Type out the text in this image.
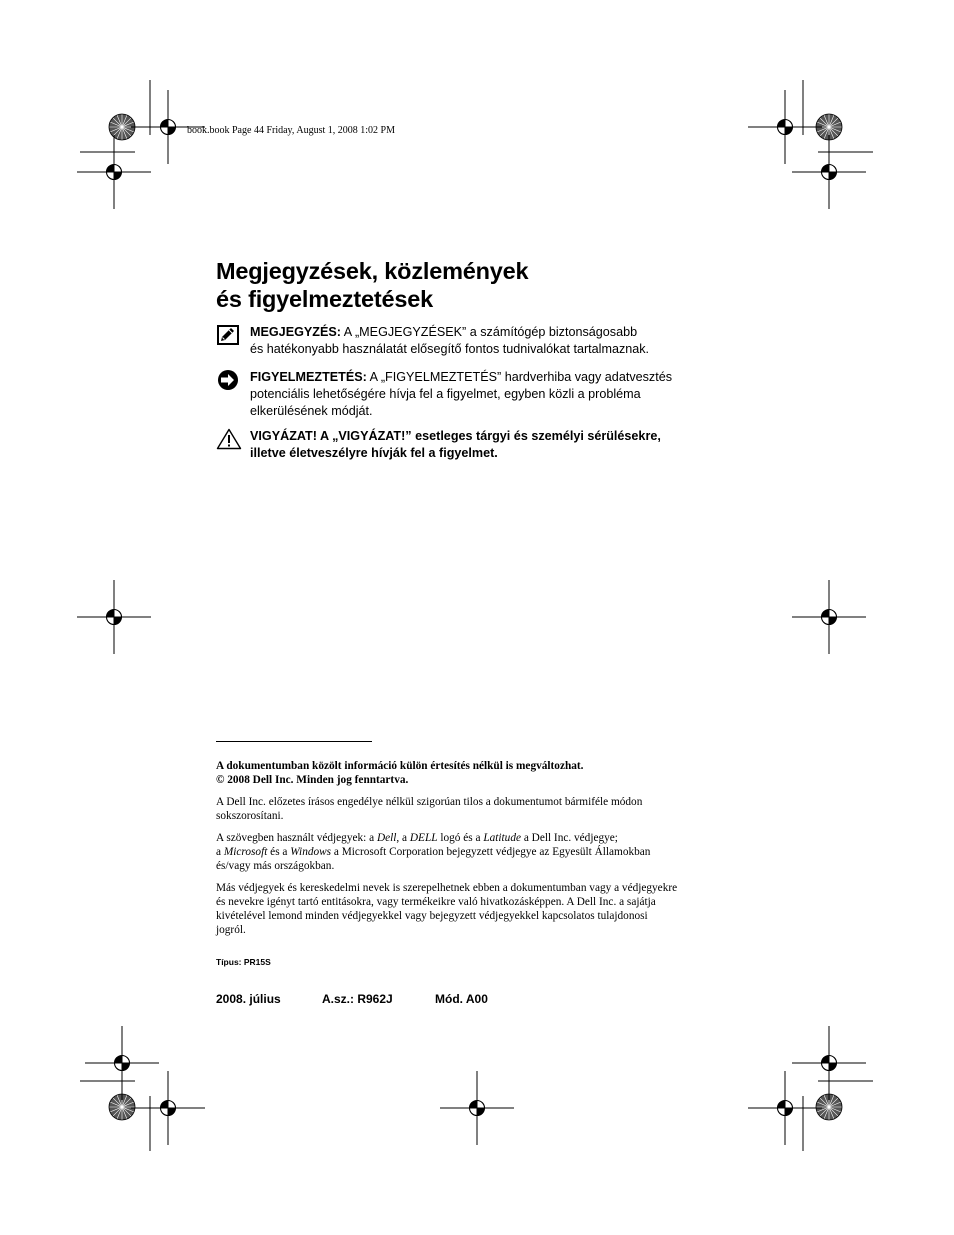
book.book Page 44 Friday, August 1, 2008 1:02 PM
Megjegyzések, közlemények
és figyelmeztetések
MEGJEGYZÉS: A „MEGJEGYZÉSEK” a számítógép biztonságosabb
és hatékonyabb használatát elősegítő fontos tudnivalókat tartalmaznak.
FIGYELMEZTETÉS: A „FIGYELMEZTETÉS” hardverhiba vagy adatvesztés
potenciális lehetőségére hívja fel a figyelmet, egyben közli a probléma
elkerülésének módját.
VIGYÁZAT! A „VIGYÁZAT!” esetleges tárgyi és személyi sérülésekre,
illetve életveszélyre hívják fel a figyelmet.
A dokumentumban közölt információ külön értesítés nélkül is megváltozhat.
© 2008 Dell Inc. Minden jog fenntartva.
A Dell Inc. előzetes írásos engedélye nélkül szigorúan tilos a dokumentumot bármiféle módon
sokszorosítani.
A szövegben használt védjegyek: a Dell, a DELL logó és a Latitude a Dell Inc. védjegye;
a Microsoft és a Windows a Microsoft Corporation bejegyzett védjegye az Egyesült Államokban
és/vagy más országokban.
Más védjegyek és kereskedelmi nevek is szerepelhetnek ebben a dokumentumban vagy a védjegyekre
és nevekre igényt tartó entitásokra, vagy termékeikre való hivatkozásképpen. A Dell Inc. a sajátja
kivételével lemond minden védjegyekkel vagy bejegyzett védjegyekkel kapcsolatos tulajdonosi
jogról.
Típus: PR15S
2008. július	A.sz.: R962J	Mód. A00
